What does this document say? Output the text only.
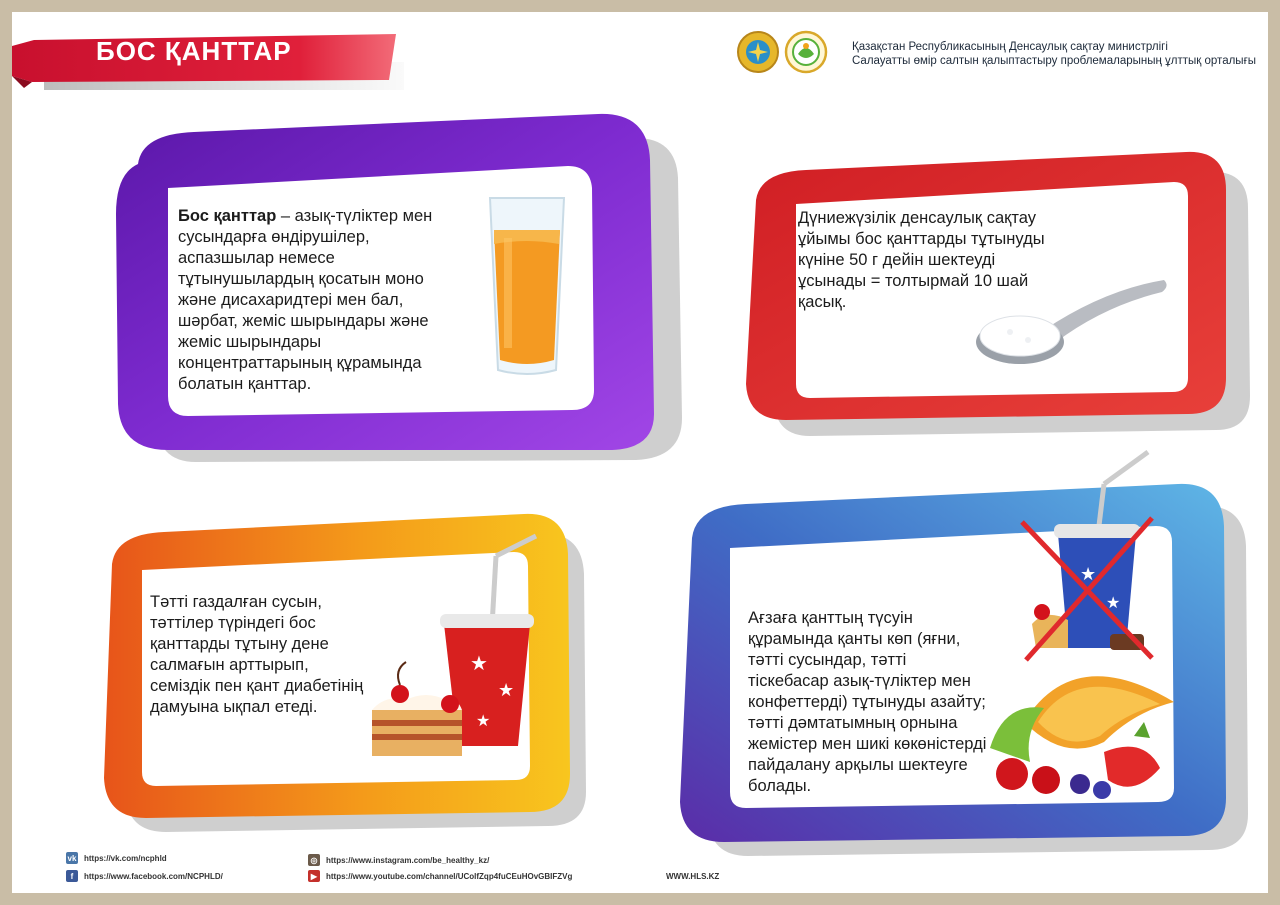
БОС ҚАНТТАР	Қазақстан Республикасының Денсаулық сақтау министрлігі
Салауатты өмір салтын қалыптастыру проблемаларының ұлттық орталығы
Бос қанттар – азық-түліктер мен сусындарға өндірушілер, аспазшылар немесе тұтынушылардың қосатын моно және дисахаридтері мен бал, шәрбат, жеміс шырындары және жеміс шырындары концентраттарының құрамында болатын қанттар.
Дүниежүзілік денсаулық сақтау ұйымы бос қанттарды тұтынуды күніне 50 г дейін шектеуді ұсынады = толтырмай 10 шай қасық.
Тәтті газдалған сусын, тәттілер түріндегі бос қанттарды тұтыну дене салмағын арттырып, семіздік пен қант диабетінің дамуына ықпал етеді.
★
★
★
Ағзаға қанттың түсуін құрамында қанты көп (яғни, тәтті сусындар, тәтті тіскебасар азық-түліктер мен конфеттерді) тұтынуды азайту; тәтті дәмтатымның орнына жемістер мен шикі көкөністерді пайдалану арқылы шектеуге болады.
★
★
vk https://vk.com/ncphld
f	https://www.facebook.com/NCPHLD/
◎	https://www.instagram.com/be_healthy_kz/
▶	https://www.youtube.com/channel/UColfZqp4fuCEuHOvGBIFZVg	WWW.HLS.KZ
